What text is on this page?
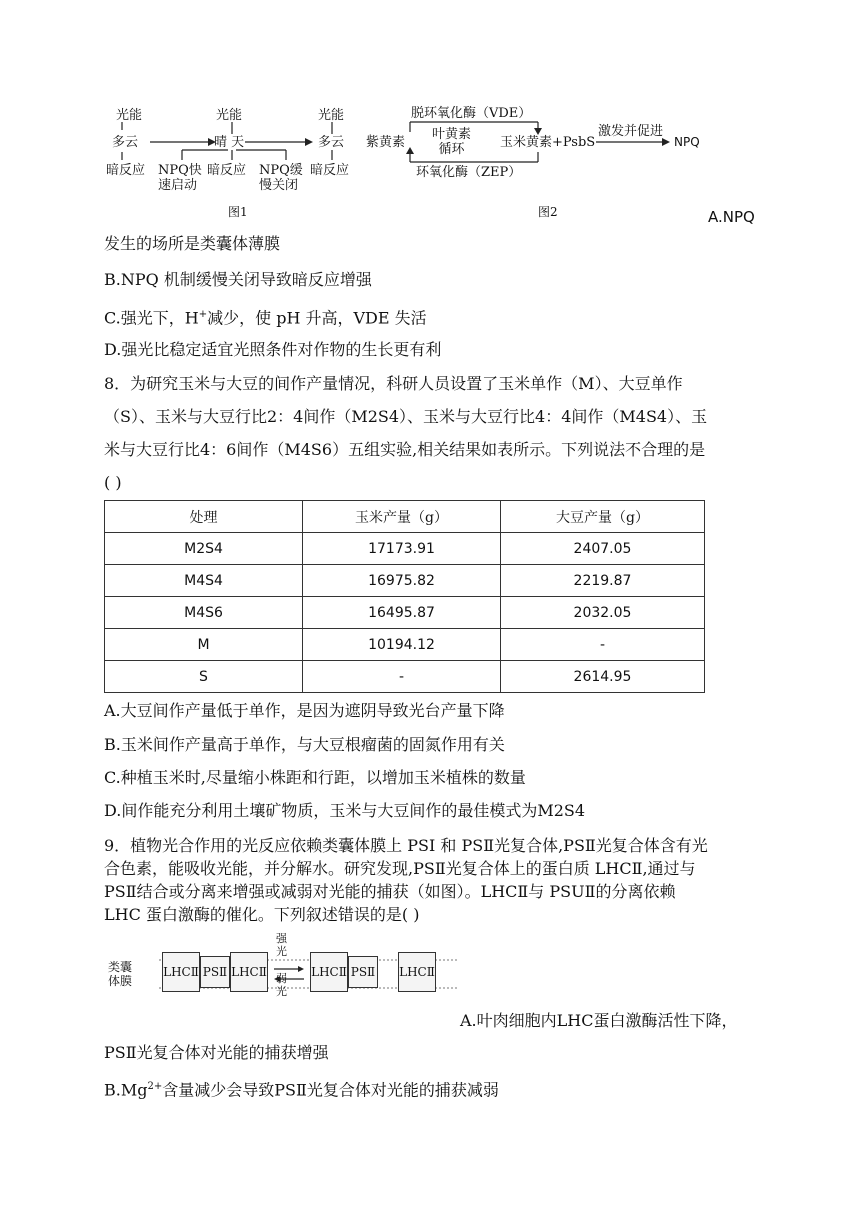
光能
多云
暗反应
光能
晴 天
NPQ快
速启动
暗反应
光能
多云
NPQ缓
慢关闭
暗反应
图1
脱环氧化酶（VDE）
紫黄素
叶黄素
循环	玉米黄素+PsbS
激发并促进
NPQ
环氧化酶（ZEP）
图2	A.NPQ
发生的场所是类囊体薄膜
B.NPQ 机制缓慢关闭导致暗反应增强
C.强光下，H+减少，使 pH 升高，VDE 失活
D.强光比稳定适宜光照条件对作物的生长更有利
8．为研究玉米与大豆的间作产量情况，科研人员设置了玉米单作（M）、大豆单作
（S）、玉米与大豆行比2：4间作（M2S4）、玉米与大豆行比4：4间作（M4S4）、玉
米与大豆行比4：6间作（M4S6）五组实验,相关结果如表所示。下列说法不合理的是
( )
处理	玉米产量（g）	大豆产量（g）
M2S4	17173.91	2407.05
M4S4	16975.82	2219.87
M4S6	16495.87	2032.05
M	10194.12	-
S	-	2614.95
A.大豆间作产量低于单作，是因为遮阴导致光台产量下降
B.玉米间作产量高于单作，与大豆根瘤菌的固氮作用有关
C.种植玉米时,尽量缩小株距和行距，以增加玉米植株的数量
D.间作能充分利用土壤矿物质，玉米与大豆间作的最佳模式为M2S4
9．植物光合作用的光反应依赖类囊体膜上 PSI 和 PSⅡ光复合体,PSⅡ光复合体含有光
合色素，能吸收光能，并分解水。研究发现,PSⅡ光复合体上的蛋白质 LHCⅡ,通过与
PSⅡ结合或分离来增强或减弱对光能的捕获（如图）。LHCⅡ与 PSUⅡ的分离依赖
LHC 蛋白激酶的催化。下列叙述错误的是( )
类囊
体膜
LHCⅡ PSⅡ LHCⅡ
强
光
弱
光
LHCⅡ PSⅡ LHCⅡ
A.叶肉细胞内LHC蛋白激酶活性下降，
PSⅡ光复合体对光能的捕获增强
$B.Mg^{2+}$含量减少会导致PSⅡ光复合体对光能的捕获减弱
